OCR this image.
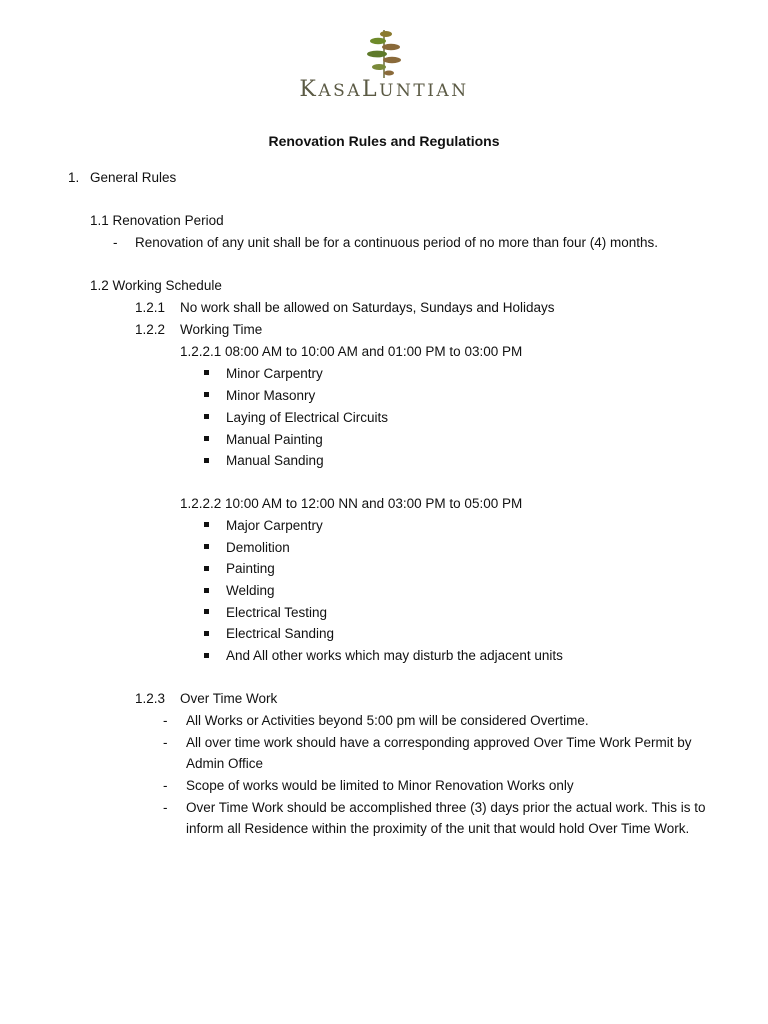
KASALUNTIAN
Renovation Rules and Regulations
1. General Rules
1.1 Renovation Period
- Renovation of any unit shall be for a continuous period of no more than four (4) months.
1.2 Working Schedule
1.2.1 No work shall be allowed on Saturdays, Sundays and Holidays
1.2.2 Working Time
1.2.2.1 08:00 AM to 10:00 AM and 01:00 PM to 03:00 PM
Minor Carpentry
Minor Masonry
Laying of Electrical Circuits
Manual Painting
Manual Sanding
1.2.2.2 10:00 AM to 12:00 NN and 03:00 PM to 05:00 PM
Major Carpentry
Demolition
Painting
Welding
Electrical Testing
Electrical Sanding
And All other works which may disturb the adjacent units
1.2.3 Over Time Work
- All Works or Activities beyond 5:00 pm will be considered Overtime.
- All over time work should have a corresponding approved Over Time Work Permit by
Admin Office
- Scope of works would be limited to Minor Renovation Works only
- Over Time Work should be accomplished three (3) days prior the actual work. This is to
inform all Residence within the proximity of the unit that would hold Over Time Work.
